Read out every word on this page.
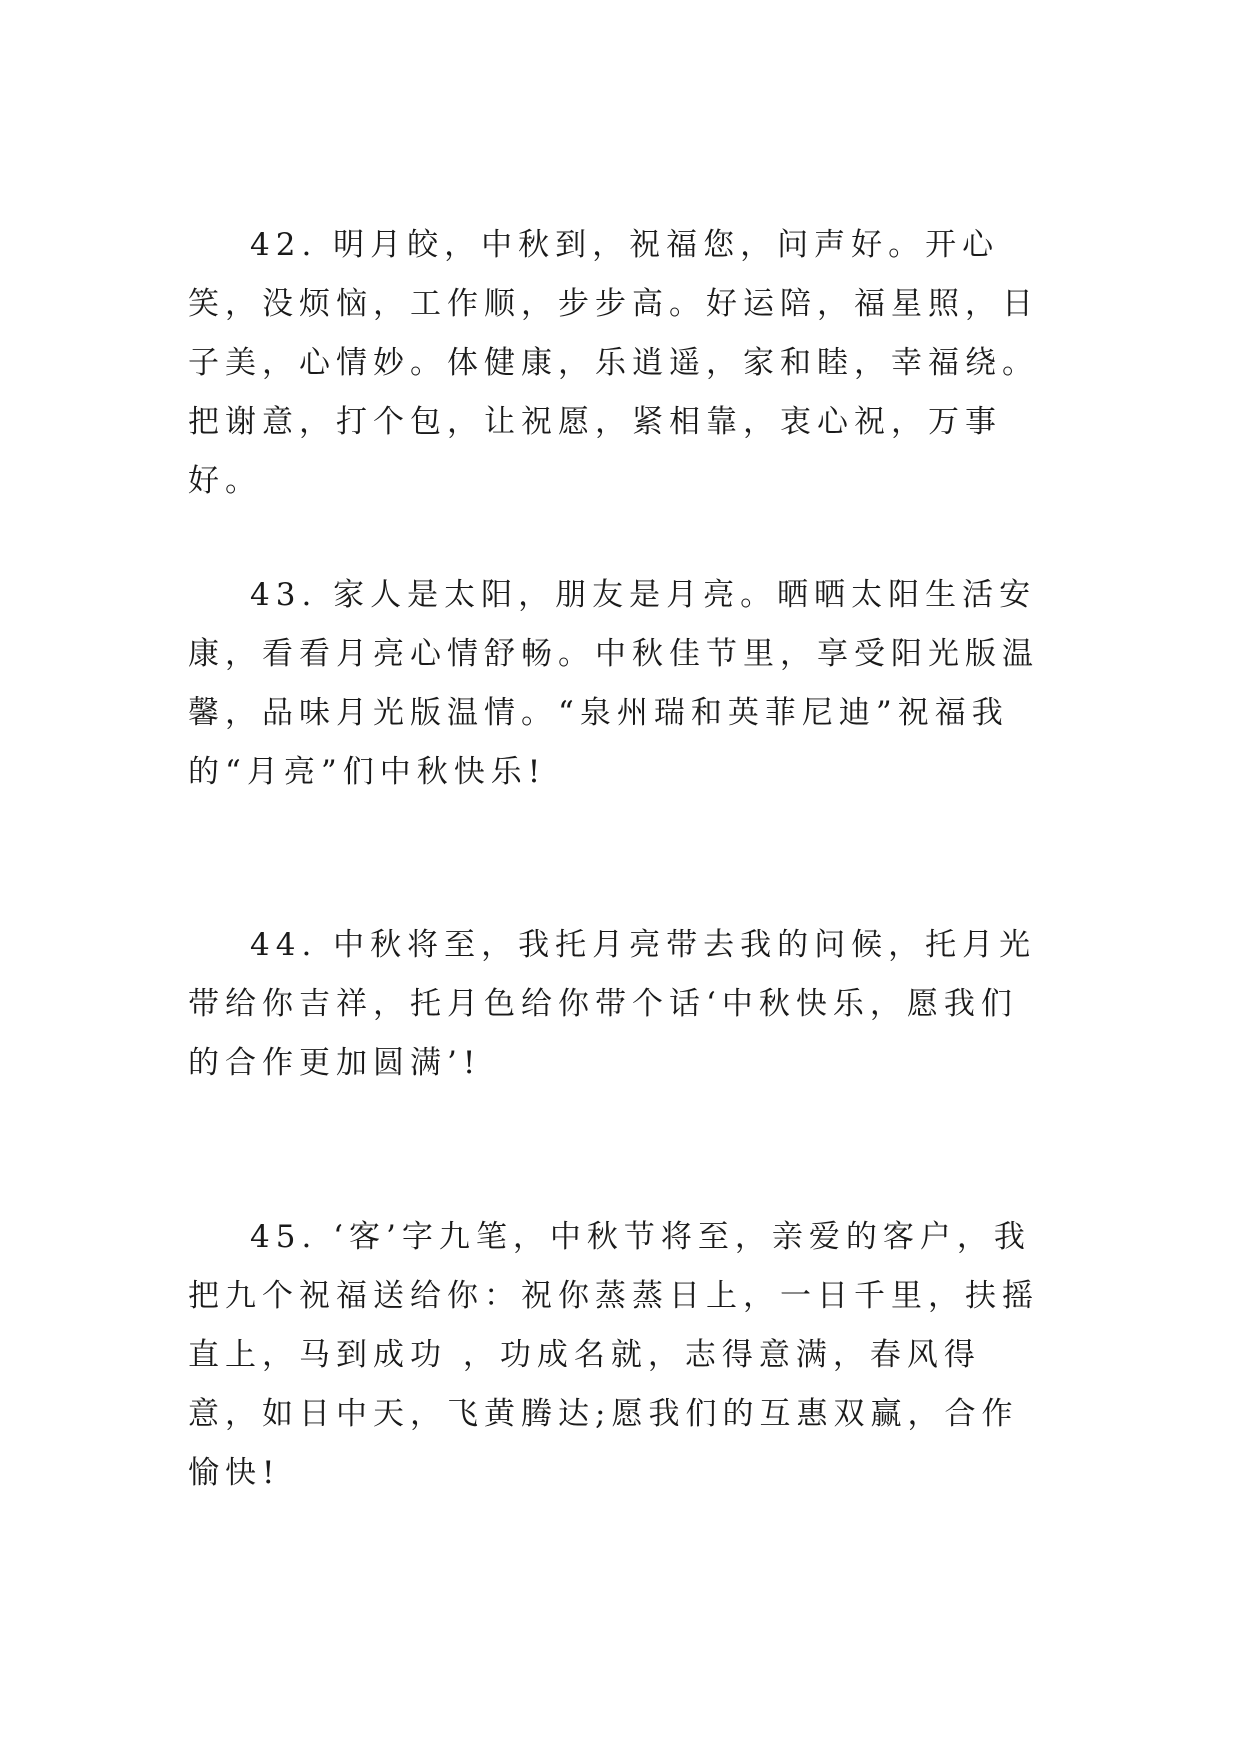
42. 明月皎，中秋到，祝福您，问声好。开心笑，没烦恼，工作顺，步步高。好运陪，福星照，日子美，心情妙。体健康，乐逍遥，家和睦，幸福绕。把谢意，打个包，让祝愿，紧相靠，衷心祝，万事好。

43. 家人是太阳，朋友是月亮。晒晒太阳生活安康，看看月亮心情舒畅。中秋佳节里，享受阳光版温馨，品味月光版温情。“泉州瑞和英菲尼迪”祝福我的“月亮”们中秋快乐!

44. 中秋将至，我托月亮带去我的问候，托月光带给你吉祥，托月色给你带个话‘中秋快乐，愿我们的合作更加圆满’!

45. ‘客’字九笔，中秋节将至，亲爱的客户，我把九个祝福送给你：祝你蒸蒸日上，一日千里，扶摇直上，马到成功 ，功成名就，志得意满，春风得意，如日中天，飞黄腾达;愿我们的互惠双赢，合作愉快!
